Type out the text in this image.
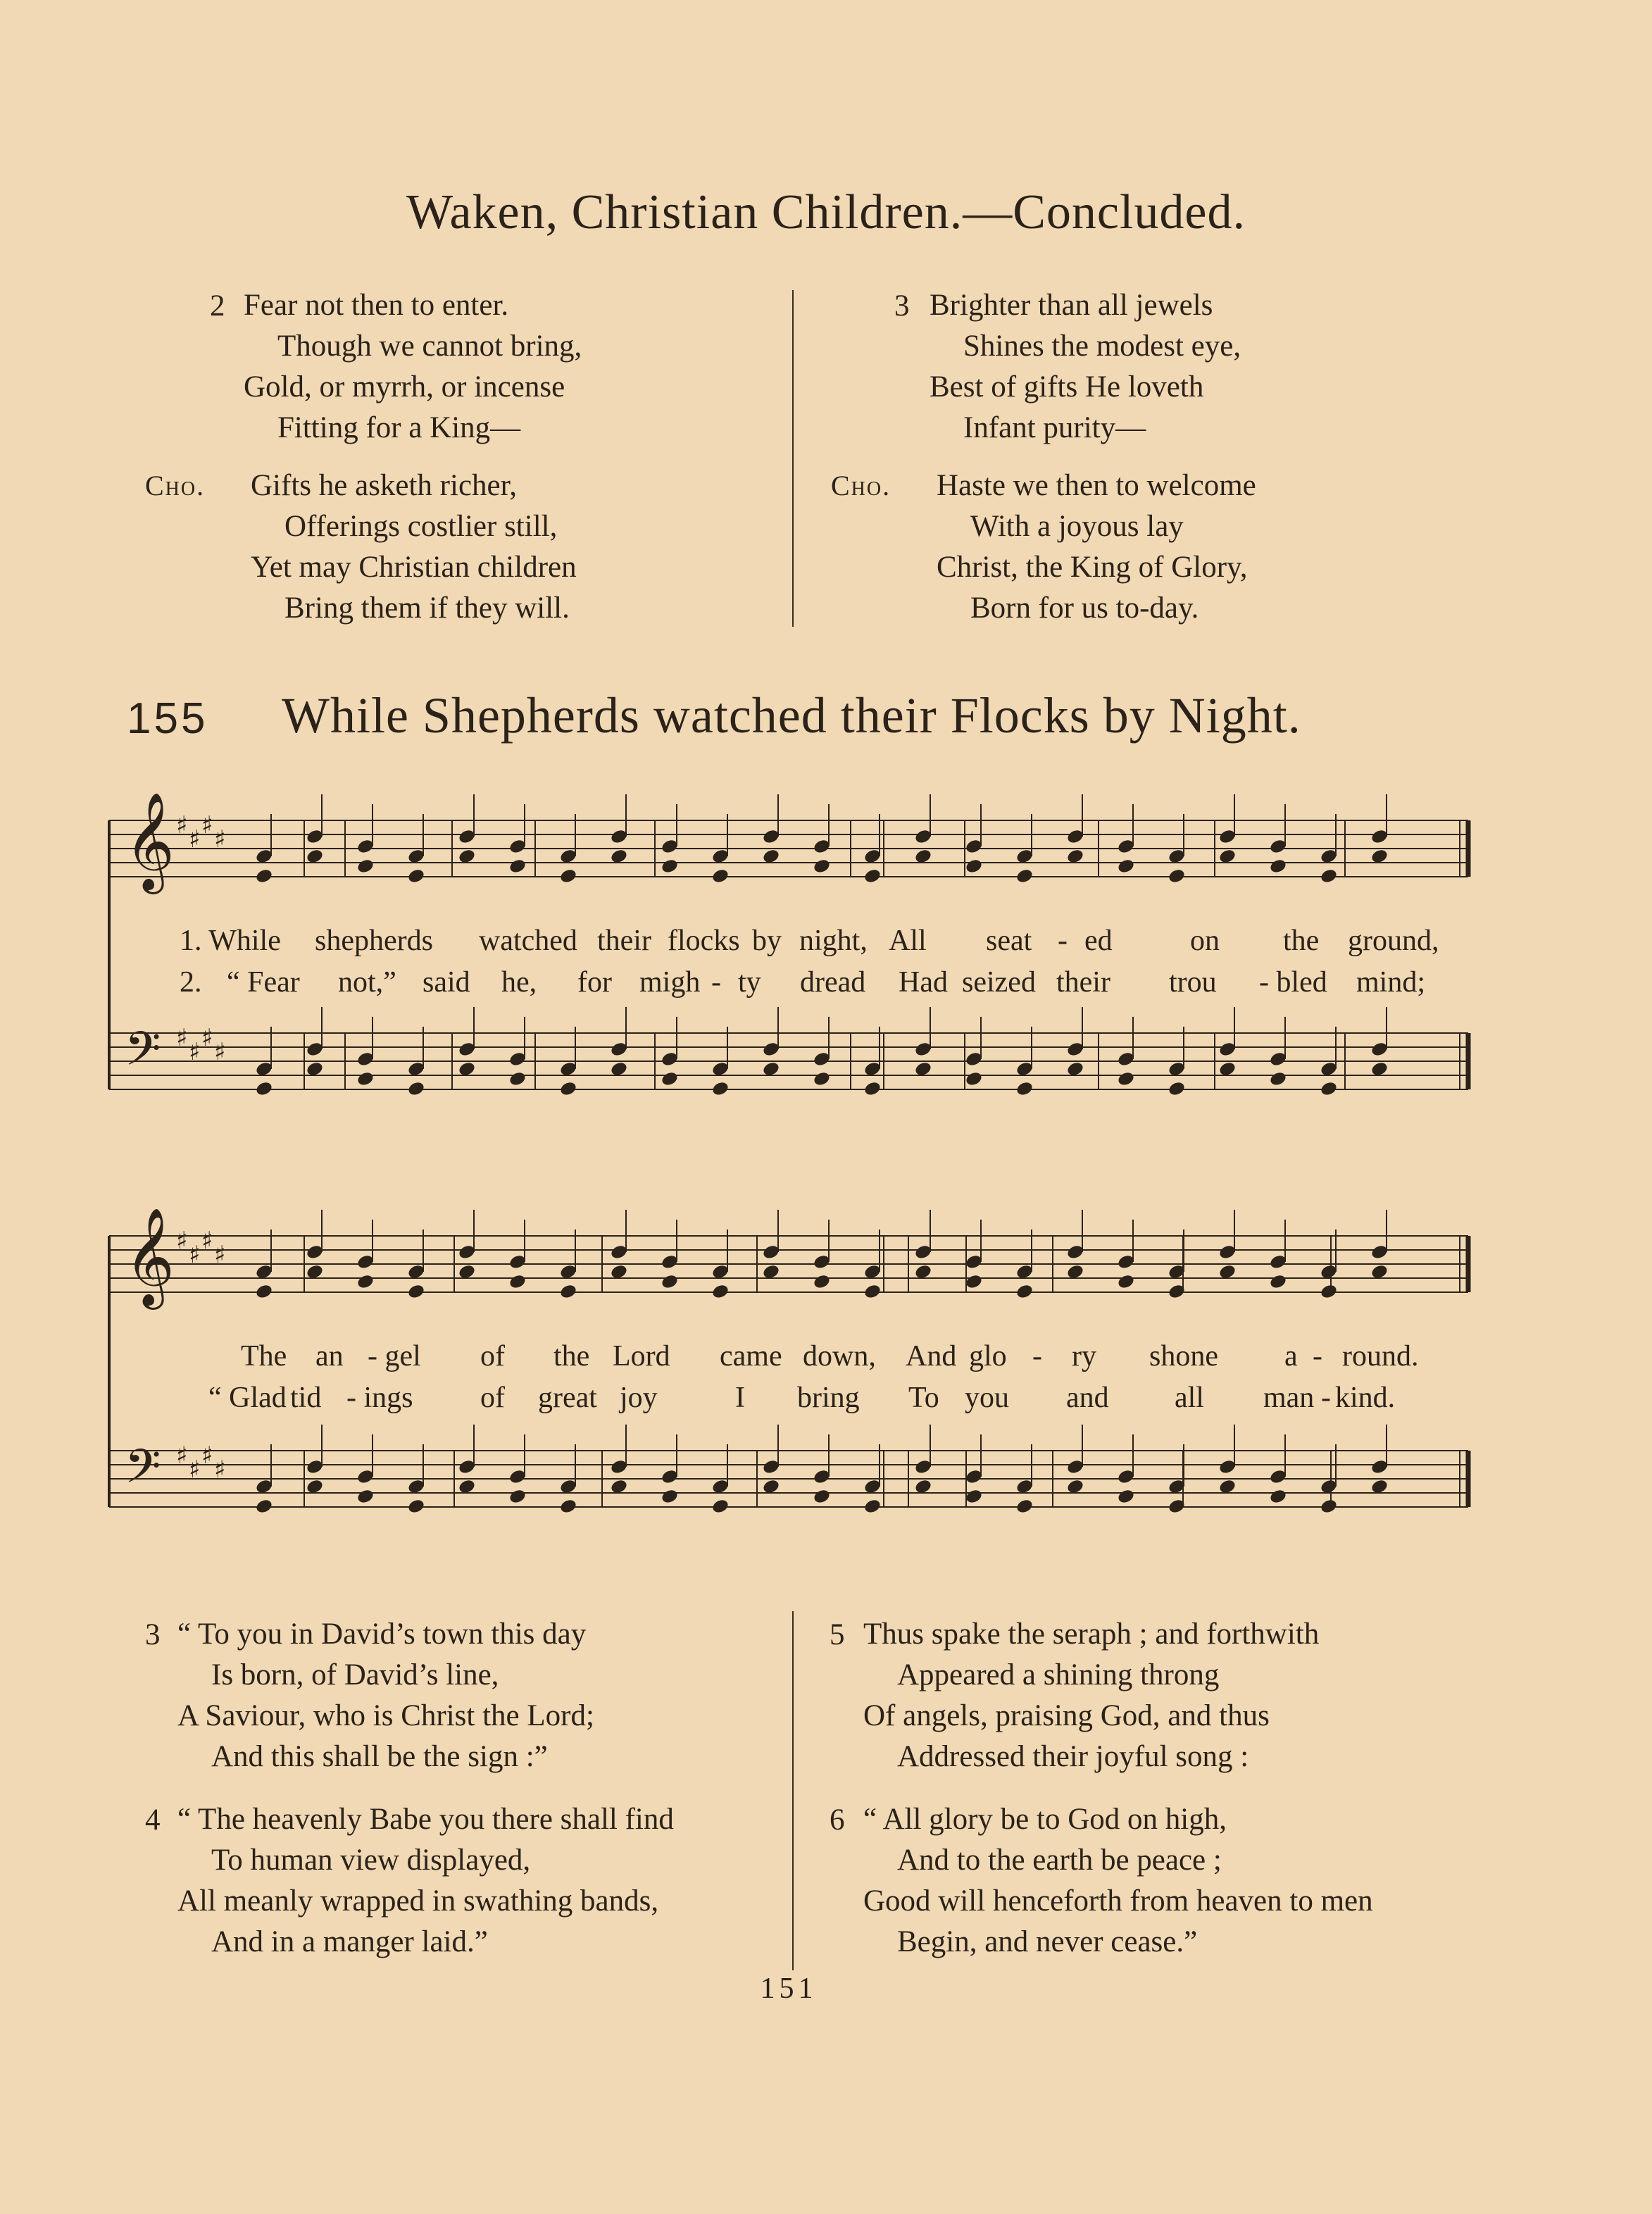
Waken, Christian Children.—Concluded.
2 Fear not then to enter.
Though we cannot bring,
Gold, or myrrh, or incense
Fitting for a King—
Cho. Gifts he asketh richer,
Offerings costlier still,
Yet may Christian children
Bring them if they will.
3 Brighter than all jewels
Shines the modest eye,
Best of gifts He loveth
Infant purity—
Cho. Haste we then to welcome
With a joyous lay
Christ, the King of Glory,
Born for us to-day.
155 While Shepherds watched their Flocks by Night.
𝄞 ♯ ♯ ♯ ♯
𝄢 ♯ ♯ ♯ ♯
𝄞 ♯ ♯ ♯ ♯
𝄢 ♯ ♯ ♯ ♯
1. While shepherds watched their flocks by night, All seat - ed	on the ground,
2. “ Fear not,” said he, for migh - ty dread Had seized their trou - bled mind;
The an - gel of the Lord came down, And glo - ry shone a - round.
“ Glad tid - ings of great joy	I bring To you and all man - kind.
3 “ To you in David’s town this day
Is born, of David’s line,
A Saviour, who is Christ the Lord;
And this shall be the sign :”
4 “ The heavenly Babe you there shall find
To human view displayed,
All meanly wrapped in swathing bands,
And in a manger laid.”
5 Thus spake the seraph ; and forthwith
Appeared a shining throng
Of angels, praising God, and thus
Addressed their joyful song :
6 “ All glory be to God on high,
And to the earth be peace ;
Good will henceforth from heaven to men
Begin, and never cease.”
151
